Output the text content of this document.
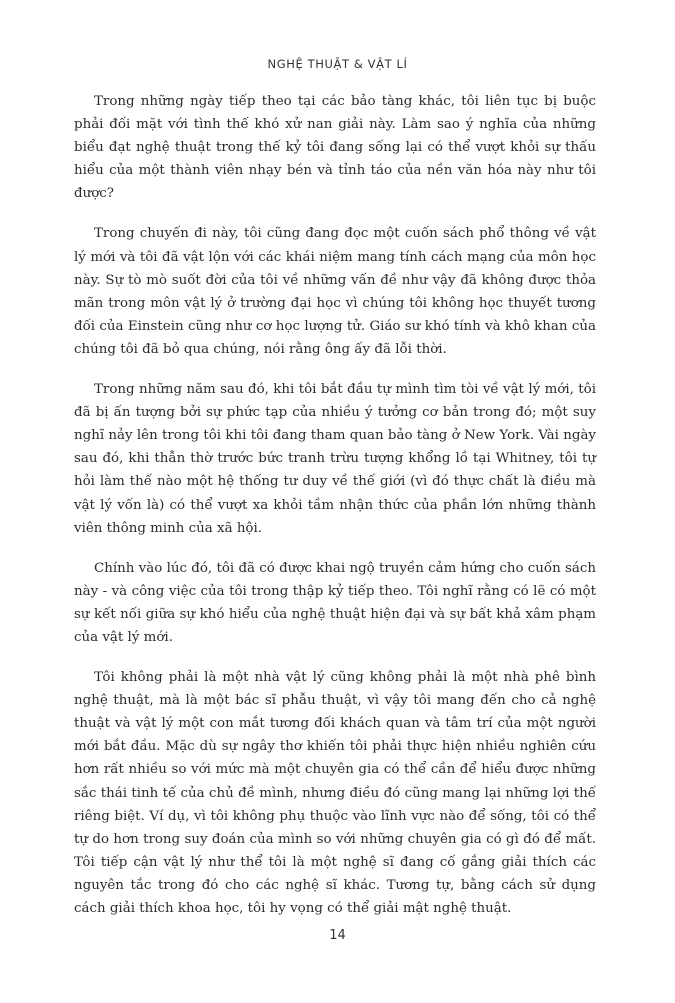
NGHỆ THUẬT & VẬT LÍ

Trong những ngày tiếp theo tại các bảo tàng khác, tôi liên tục bị buộc phải đối mặt với tình thế khó xử nan giải này. Làm sao ý nghĩa của những biểu đạt nghệ thuật trong thế kỷ tôi đang sống lại có thể vượt khỏi sự thấu hiểu của một thành viên nhạy bén và tỉnh táo của nền văn hóa này như tôi được?

Trong chuyến đi này, tôi cũng đang đọc một cuốn sách phổ thông về vật lý mới và tôi đã vật lộn với các khái niệm mang tính cách mạng của môn học này. Sự tò mò suốt đời của tôi về những vấn đề như vậy đã không được thỏa mãn trong môn vật lý ở trường đại học vì chúng tôi không học thuyết tương đối của Einstein cũng như cơ học lượng tử. Giáo sư khó tính và khô khan của chúng tôi đã bỏ qua chúng, nói rằng ông ấy đã lỗi thời.

Trong những năm sau đó, khi tôi bắt đầu tự mình tìm tòi về vật lý mới, tôi đã bị ấn tượng bởi sự phức tạp của nhiều ý tưởng cơ bản trong đó; một suy nghĩ nảy lên trong tôi khi tôi đang tham quan bảo tàng ở New York. Vài ngày sau đó, khi thẫn thờ trước bức tranh trừu tượng khổng lồ tại Whitney, tôi tự hỏi làm thế nào một hệ thống tư duy về thế giới (vì đó thực chất là điều mà vật lý vốn là) có thể vượt xa khỏi tầm nhận thức của phần lớn những thành viên thông minh của xã hội.

Chính vào lúc đó, tôi đã có được khai ngộ truyền cảm hứng cho cuốn sách này - và công việc của tôi trong thập kỷ tiếp theo. Tôi nghĩ rằng có lẽ có một sự kết nối giữa sự khó hiểu của nghệ thuật hiện đại và sự bất khả xâm phạm của vật lý mới.

Tôi không phải là một nhà vật lý cũng không phải là một nhà phê bình nghệ thuật, mà là một bác sĩ phẫu thuật, vì vậy tôi mang đến cho cả nghệ thuật và vật lý một con mắt tương đối khách quan và tâm trí của một người mới bắt đầu. Mặc dù sự ngây thơ khiến tôi phải thực hiện nhiều nghiên cứu hơn rất nhiều so với mức mà một chuyên gia có thể cần để hiểu được những sắc thái tinh tế của chủ đề mình, nhưng điều đó cũng mang lại những lợi thế riêng biệt. Ví dụ, vì tôi không phụ thuộc vào lĩnh vực nào để sống, tôi có thể tự do hơn trong suy đoán của mình so với những chuyên gia có gì đó để mất. Tôi tiếp cận vật lý như thể tôi là một nghệ sĩ đang cố gắng giải thích các nguyên tắc trong đó cho các nghệ sĩ khác. Tương tự, bằng cách sử dụng cách giải thích khoa học, tôi hy vọng có thể giải mật nghệ thuật.

14
